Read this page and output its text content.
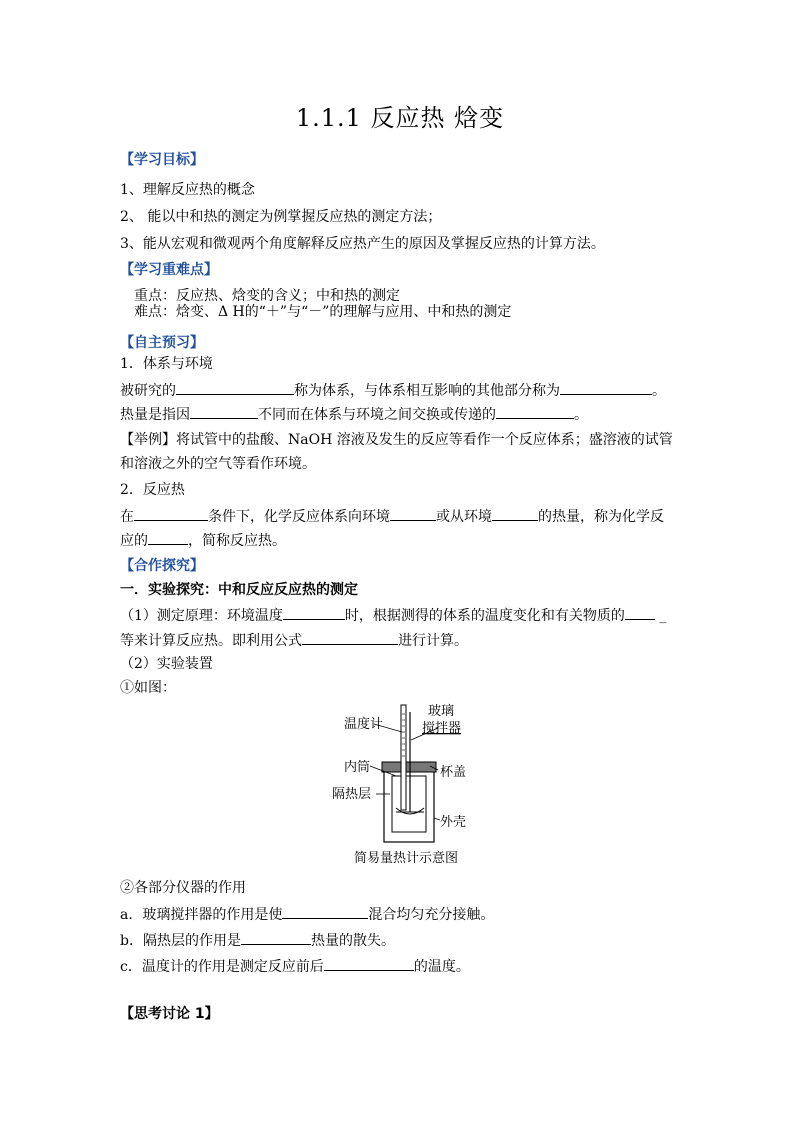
1.1.1 反应热 焓变
【学习目标】
1、理解反应热的概念
2、 能以中和热的测定为例掌握反应热的测定方法；
3、能从宏观和微观两个角度解释反应热产生的原因及掌握反应热的计算方法。
【学习重难点】
重点：反应热、焓变的含义；中和热的测定
难点：焓变、Δ H的“＋”与“－”的理解与应用、中和热的测定
【自主预习】
1．体系与环境
被研究的	称为体系，与体系相互影响的其他部分称为	。
热量是指因	不同而在体系与环境之间交换或传递的	。
【举例】将试管中的盐酸、NaOH 溶液及发生的反应等看作一个反应体系；盛溶液的试管
和溶液之外的空气等看作环境。
2．反应热
在	条件下，化学反应体系向环境	或从环境	的热量，称为化学反
应的	，简称反应热。
【合作探究】
一．实验探究：中和反应反应热的测定
（1）测定原理：环境温度	时，根据测得的体系的温度变化和有关物质的 _
等来计算反应热。即利用公式	进行计算。
（2）实验装置
①如图：
温度计
玻璃
搅拌器
内筒	杯盖
隔热层
外壳
简易量热计示意图
②各部分仪器的作用
a．玻璃搅拌器的作用是使	混合均匀充分接触。
b．隔热层的作用是	热量的散失。
c．温度计的作用是测定反应前后	的温度。
【思考讨论 1】
